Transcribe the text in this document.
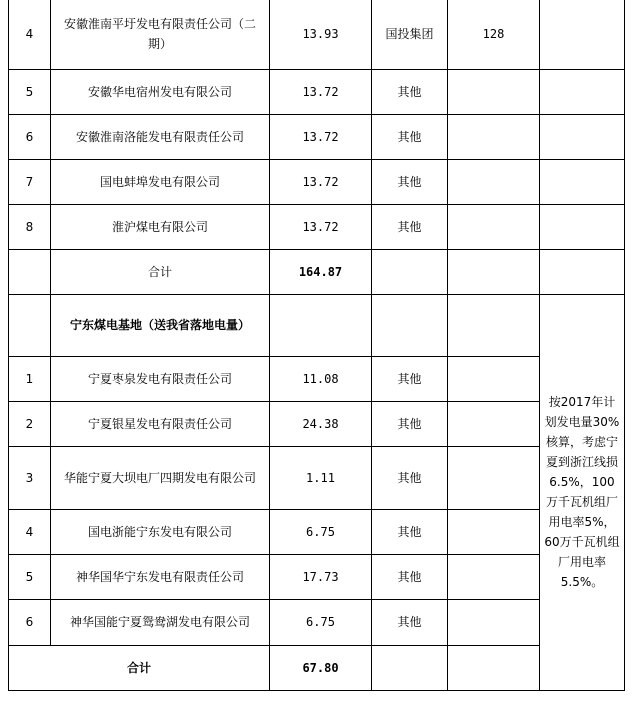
4	安徽淮南平圩发电有限责任公司（二期）	13.93	国投集团	128	
5	安徽华电宿州发电有限公司	13.72	其他		
6	安徽淮南洛能发电有限责任公司	13.72	其他		
7	国电蚌埠发电有限公司	13.72	其他		
8	淮沪煤电有限公司	13.72	其他		
	合计	164.87			
	宁东煤电基地（送我省落地电量）				按2017年计划发电量30%核算，考虑宁夏到浙江线损6.5%，100万千瓦机组厂用电率5%，60万千瓦机组厂用电率5.5%。
1	宁夏枣泉发电有限责任公司	11.08	其他		
2	宁夏银星发电有限责任公司	24.38	其他		
3	华能宁夏大坝电厂四期发电有限公司	1.11	其他		
4	国电浙能宁东发电有限公司	6.75	其他		
5	神华国华宁东发电有限责任公司	17.73	其他		
6	神华国能宁夏鸳鸯湖发电有限公司	6.75	其他		
合计		67.80			
